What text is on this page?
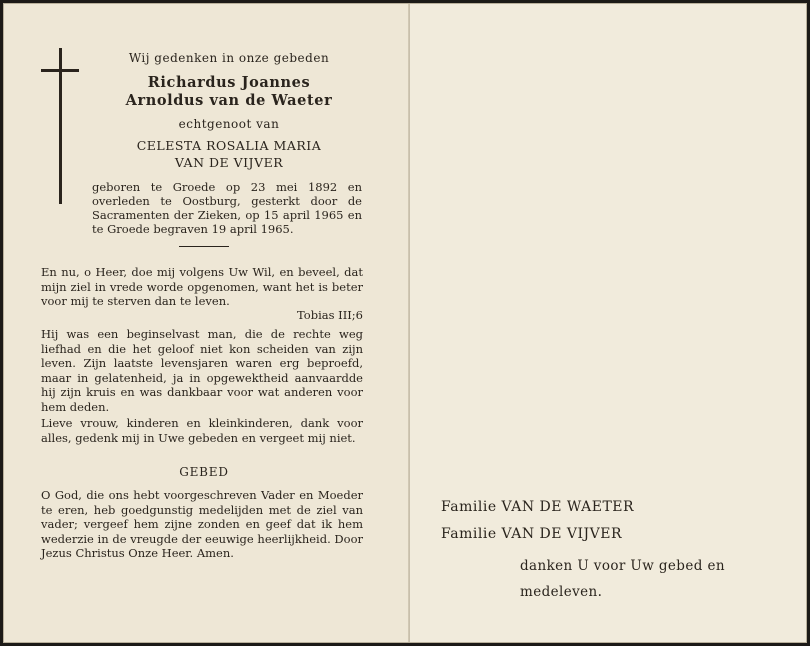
Wij gedenken in onze gebeden
Richardus Joannes
Arnoldus van de Waeter
echtgenoot van
CELESTA ROSALIA MARIA
VAN DE VIJVER
geboren te Groede op 23 mei 1892 en overleden te Oostburg, gesterkt door de Sacramenten der Zieken, op 15 april 1965 en te Groede begraven 19 april 1965.
En nu, o Heer, doe mij volgens Uw Wil, en beveel, dat mijn ziel in vrede worde opgenomen, want het is beter voor mij te sterven dan te leven.
Tobias III;6
Hij was een beginselvast man, die de rechte weg liefhad en die het geloof niet kon scheiden van zijn leven. Zijn laatste levensjaren waren erg beproefd, maar in gelatenheid, ja in opgewektheid aanvaardde hij zijn kruis en was dankbaar voor wat anderen voor hem deden.
Lieve vrouw, kinderen en kleinkinderen, dank voor alles, gedenk mij in Uwe gebeden en vergeet mij niet.
GEBED
O God, die ons hebt voorgeschreven Vader en Moeder te eren, heb goedgunstig medelijden met de ziel van vader; vergeef hem zijne zonden en geef dat ik hem wederzie in de vreugde der eeuwige heerlijkheid. Door Jezus Christus Onze Heer. Amen.
Familie VAN DE WAETER
Familie VAN DE VIJVER
danken U voor Uw gebed en
medeleven.
